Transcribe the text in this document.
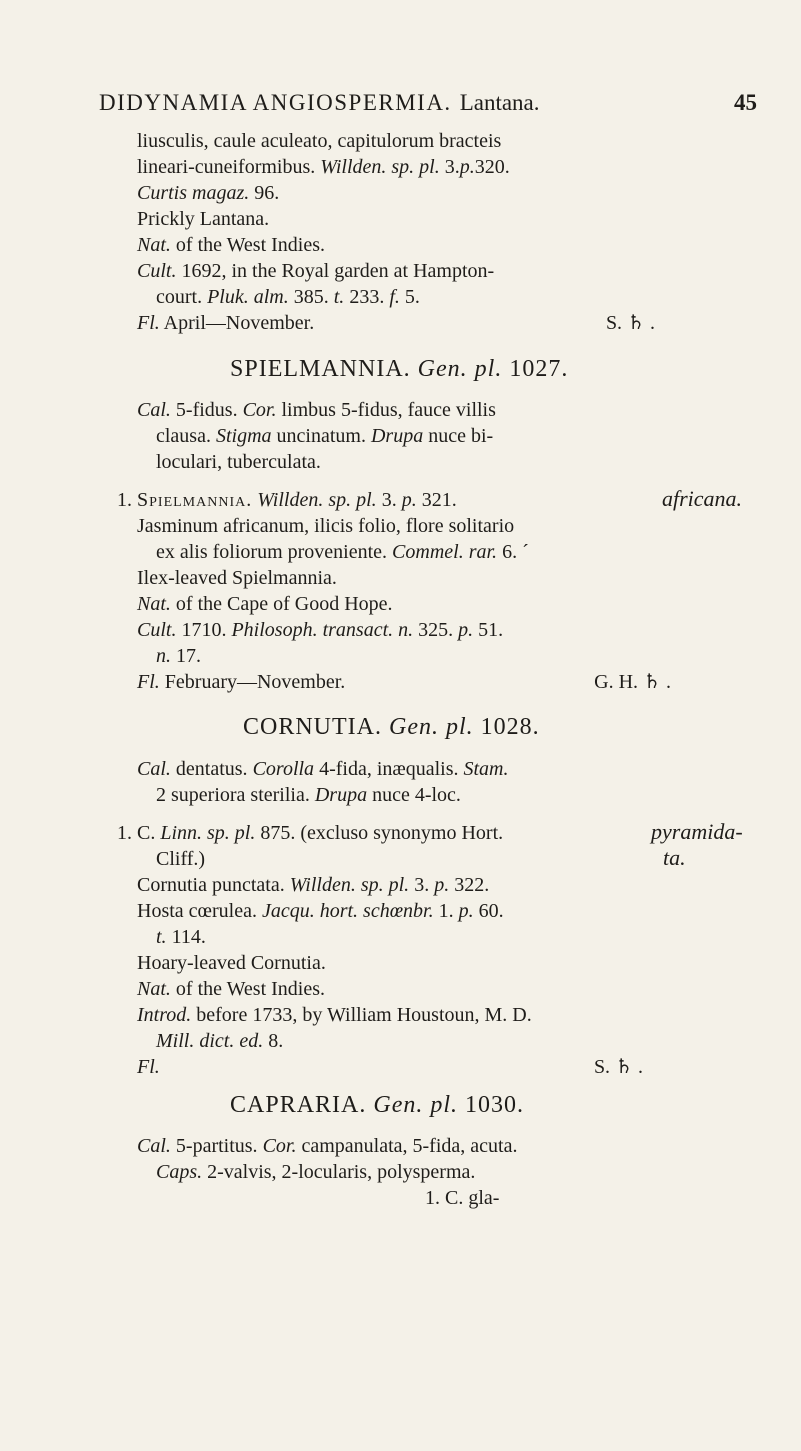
DIDYNAMIA ANGIOSPERMIA. Lantana.	45
liusculis, caule aculeato, capitulorum bracteis
lineari-cuneiformibus. Willden. sp. pl. 3.p.320.
Curtis magaz. 96.
Prickly Lantana.
Nat. of the West Indies.
Cult. 1692, in the Royal garden at Hampton-
court. Pluk. alm. 385. t. 233. f. 5.
Fl. April—November.	S. ♄ .
SPIELMANNIA. Gen. pl. 1027.
Cal. 5-fidus. Cor. limbus 5-fidus, fauce villis
clausa. Stigma uncinatum. Drupa nuce bi-
loculari, tuberculata.
1. Spielmannia. Willden. sp. pl. 3. p. 321.	africana.
Jasminum africanum, ilicis folio, flore solitario
ex alis foliorum proveniente. Commel. rar. 6. ´
Ilex-leaved Spielmannia.
Nat. of the Cape of Good Hope.
Cult. 1710. Philosoph. transact. n. 325. p. 51.
n. 17.
Fl. February—November.	G. H. ♄ .
CORNUTIA. Gen. pl. 1028.
Cal. dentatus. Corolla 4-fida, inæqualis. Stam.
2 superiora sterilia. Drupa nuce 4-loc.
1. C. Linn. sp. pl. 875. (excluso synonymo Hort.	pyramida-
Cliff.)	ta.
Cornutia punctata. Willden. sp. pl. 3. p. 322.
Hosta cœrulea. Jacqu. hort. schœnbr. 1. p. 60.
t. 114.
Hoary-leaved Cornutia.
Nat. of the West Indies.
Introd. before 1733, by William Houstoun, M. D.
Mill. dict. ed. 8.
Fl.	S. ♄ .
CAPRARIA. Gen. pl. 1030.
Cal. 5-partitus. Cor. campanulata, 5-fida, acuta.
Caps. 2-valvis, 2-locularis, polysperma.
1. C. gla-
